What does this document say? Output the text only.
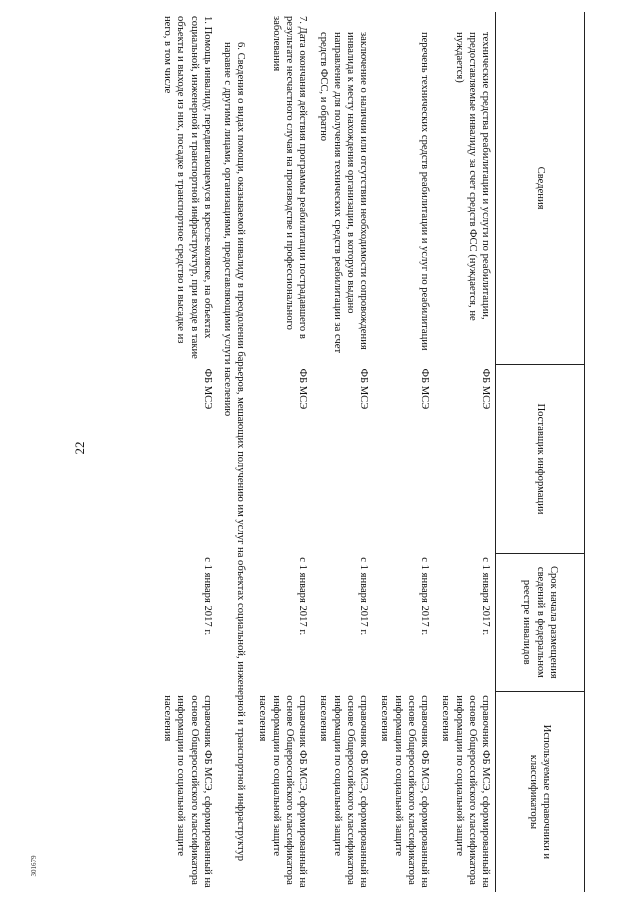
22
301679
Сведения	Поставщик информации	Срок начала размещения сведений в федеральном реестре инвалидов	Используемые справочники и классификаторы
технические средства реабилитации и услуги по реабилитации, предоставляемые инвалиду за счет средств ФСС (нуждается, не нуждается)	ФБ МСЭ	с 1 января 2017 г.	справочник ФБ МСЭ, сформированный на основе Общероссийского классификатора информации по социальной защите населения
перечень технических средств реабилитации и услуг по реабилитации	ФБ МСЭ	с 1 января 2017 г.	справочник ФБ МСЭ, сформированный на основе Общероссийского классификатора информации по социальной защите населения
заключение о наличии или отсутствии необходимости сопровождения инвалида к месту нахождения организации, в которую выдано направление для получения технических средств реабилитации за счет средств ФСС, и обратно	ФБ МСЭ	с 1 января 2017 г.	справочник ФБ МСЭ, сформированный на основе Общероссийского классификатора информации по социальной защите населения
7. Дата окончания действия программы реабилитации пострадавшего в результате несчастного случая на производстве и профессионального заболевания	ФБ МСЭ	с 1 января 2017 г.	справочник ФБ МСЭ, сформированный на основе Общероссийского классификатора информации по социальной защите населения
6. Сведения о видах помощи, оказываемой инвалиду в преодолении барьеров, мешающих получению им услуг на объектах социальной, инженерной и транспортной инфраструктур наравне с другими лицами, организациями, предоставляющими услуги населению			
1. Помощь инвалиду, передвигающемуся в кресле-коляске, на объектах социальной, инженерной и транспортной инфраструктур, при входе в такие объекты и выходе из них, посадке в транспортное средство и высадке из него, в том числе	ФБ МСЭ	с 1 января 2017 г.	справочник ФБ МСЭ, сформированный на основе Общероссийского классификатора информации по социальной защите населения
